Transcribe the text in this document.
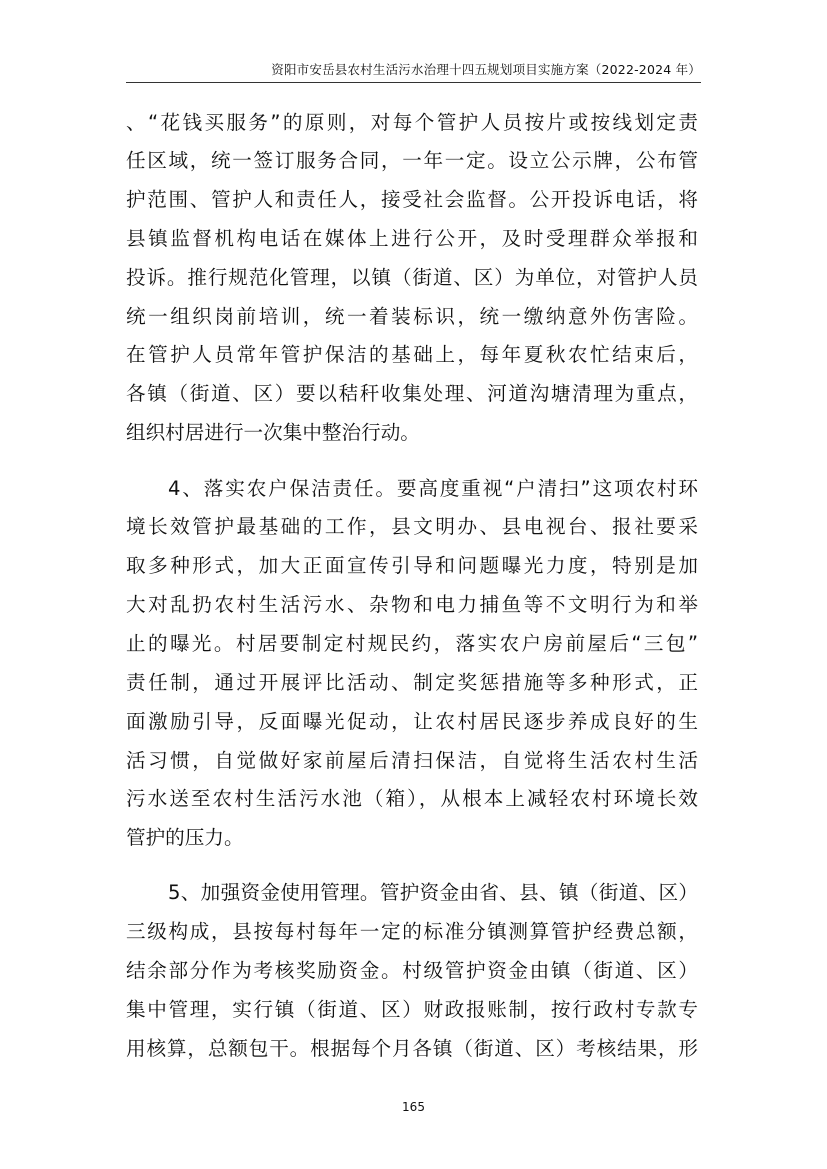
资阳市安岳县农村生活污水治理十四五规划项目实施方案（2022-2024 年）
、“花钱买服务”的原则，对每个管护人员按片或按线划定责
任区域，统一签订服务合同，一年一定。设立公示牌，公布管
护范围、管护人和责任人，接受社会监督。公开投诉电话，将
县镇监督机构电话在媒体上进行公开，及时受理群众举报和
投诉。推行规范化管理，以镇（街道、区）为单位，对管护人员
统一组织岗前培训，统一着装标识，统一缴纳意外伤害险。
在管护人员常年管护保洁的基础上，每年夏秋农忙结束后，
各镇（街道、区）要以秸秆收集处理、河道沟塘清理为重点，
组织村居进行一次集中整治行动。
4、落实农户保洁责任。要高度重视“户清扫”这项农村环
境长效管护最基础的工作，县文明办、县电视台、报社要采
取多种形式，加大正面宣传引导和问题曝光力度，特别是加
大对乱扔农村生活污水、杂物和电力捕鱼等不文明行为和举
止的曝光。村居要制定村规民约，落实农户房前屋后“三包”
责任制，通过开展评比活动、制定奖惩措施等多种形式，正
面激励引导，反面曝光促动，让农村居民逐步养成良好的生
活习惯，自觉做好家前屋后清扫保洁，自觉将生活农村生活
污水送至农村生活污水池（箱），从根本上减轻农村环境长效
管护的压力。
5、加强资金使用管理。管护资金由省、县、镇（街道、区）
三级构成，县按每村每年一定的标准分镇测算管护经费总额，
结余部分作为考核奖励资金。村级管护资金由镇（街道、区）
集中管理，实行镇（街道、区）财政报账制，按行政村专款专
用核算，总额包干。根据每个月各镇（街道、区）考核结果，形
165
